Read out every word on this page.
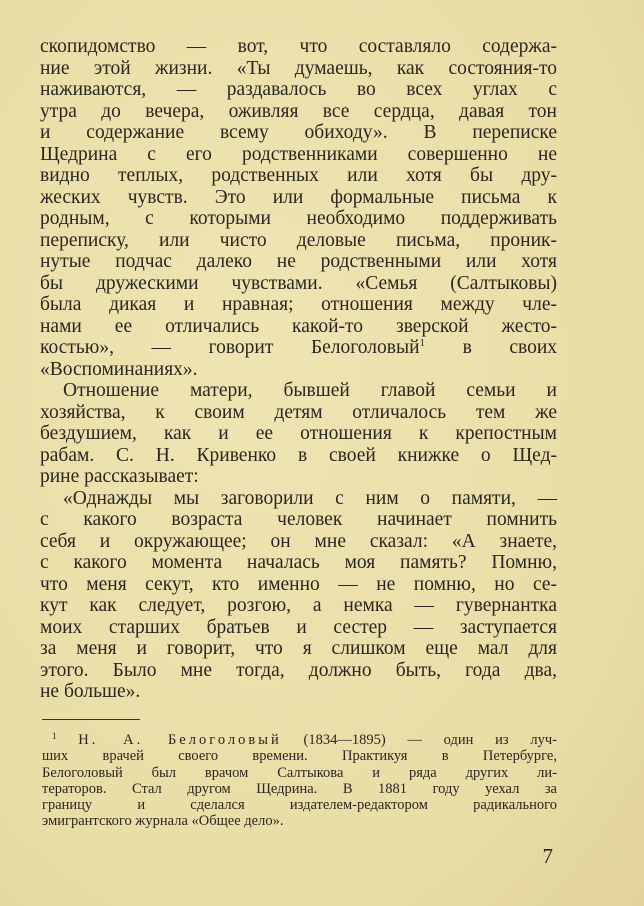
скопидомство — вот, что составляло содержа-
ние этой жизни. «Ты думаешь, как состояния-то
наживаются, — раздавалось во всех углах с
утра до вечера, оживляя все сердца, давая тон
и содержание всему обиходу». В переписке
Щедрина с его родственниками совершенно не
видно теплых, родственных или хотя бы дру-
жеских чувств. Это или формальные письма к
родным, с которыми необходимо поддерживать
переписку, или чисто деловые письма, проник-
нутые подчас далеко не родственными или хотя
бы дружескими чувствами. «Семья (Салтыковы)
была дикая и нравная; отношения между чле-
нами ее отличались какой-то зверской жесто-
костью», — говорит Белоголовый$^1$ в своих
«Воспоминаниях».
Отношение матери, бывшей главой семьи и
хозяйства, к своим детям отличалось тем же
бездушием, как и ее отношения к крепостным
рабам. С. Н. Кривенко в своей книжке о Щед-
рине рассказывает:
«Однажды мы заговорили с ним о памяти, —
с какого возраста человек начинает помнить
себя и окружающее; он мне сказал: «А знаете,
с какого момента началась моя память? Помню,
что меня секут, кто именно — не помню, но се-
кут как следует, розгою, а немка — гувернантка
моих старших братьев и сестер — заступается
за меня и говорит, что я слишком еще мал для
этого. Было мне тогда, должно быть, года два,
не больше».
$^1$ Н. А. Белоголовый (1834—1895) — один из луч-
ших врачей своего времени. Практикуя в Петербурге,
Белоголовый был врачом Салтыкова и ряда других ли-
тераторов. Стал другом Щедрина. В 1881 году уехал за
границу и сделался издателем-редактором радикального
эмигрантского журнала «Общее дело».
7
